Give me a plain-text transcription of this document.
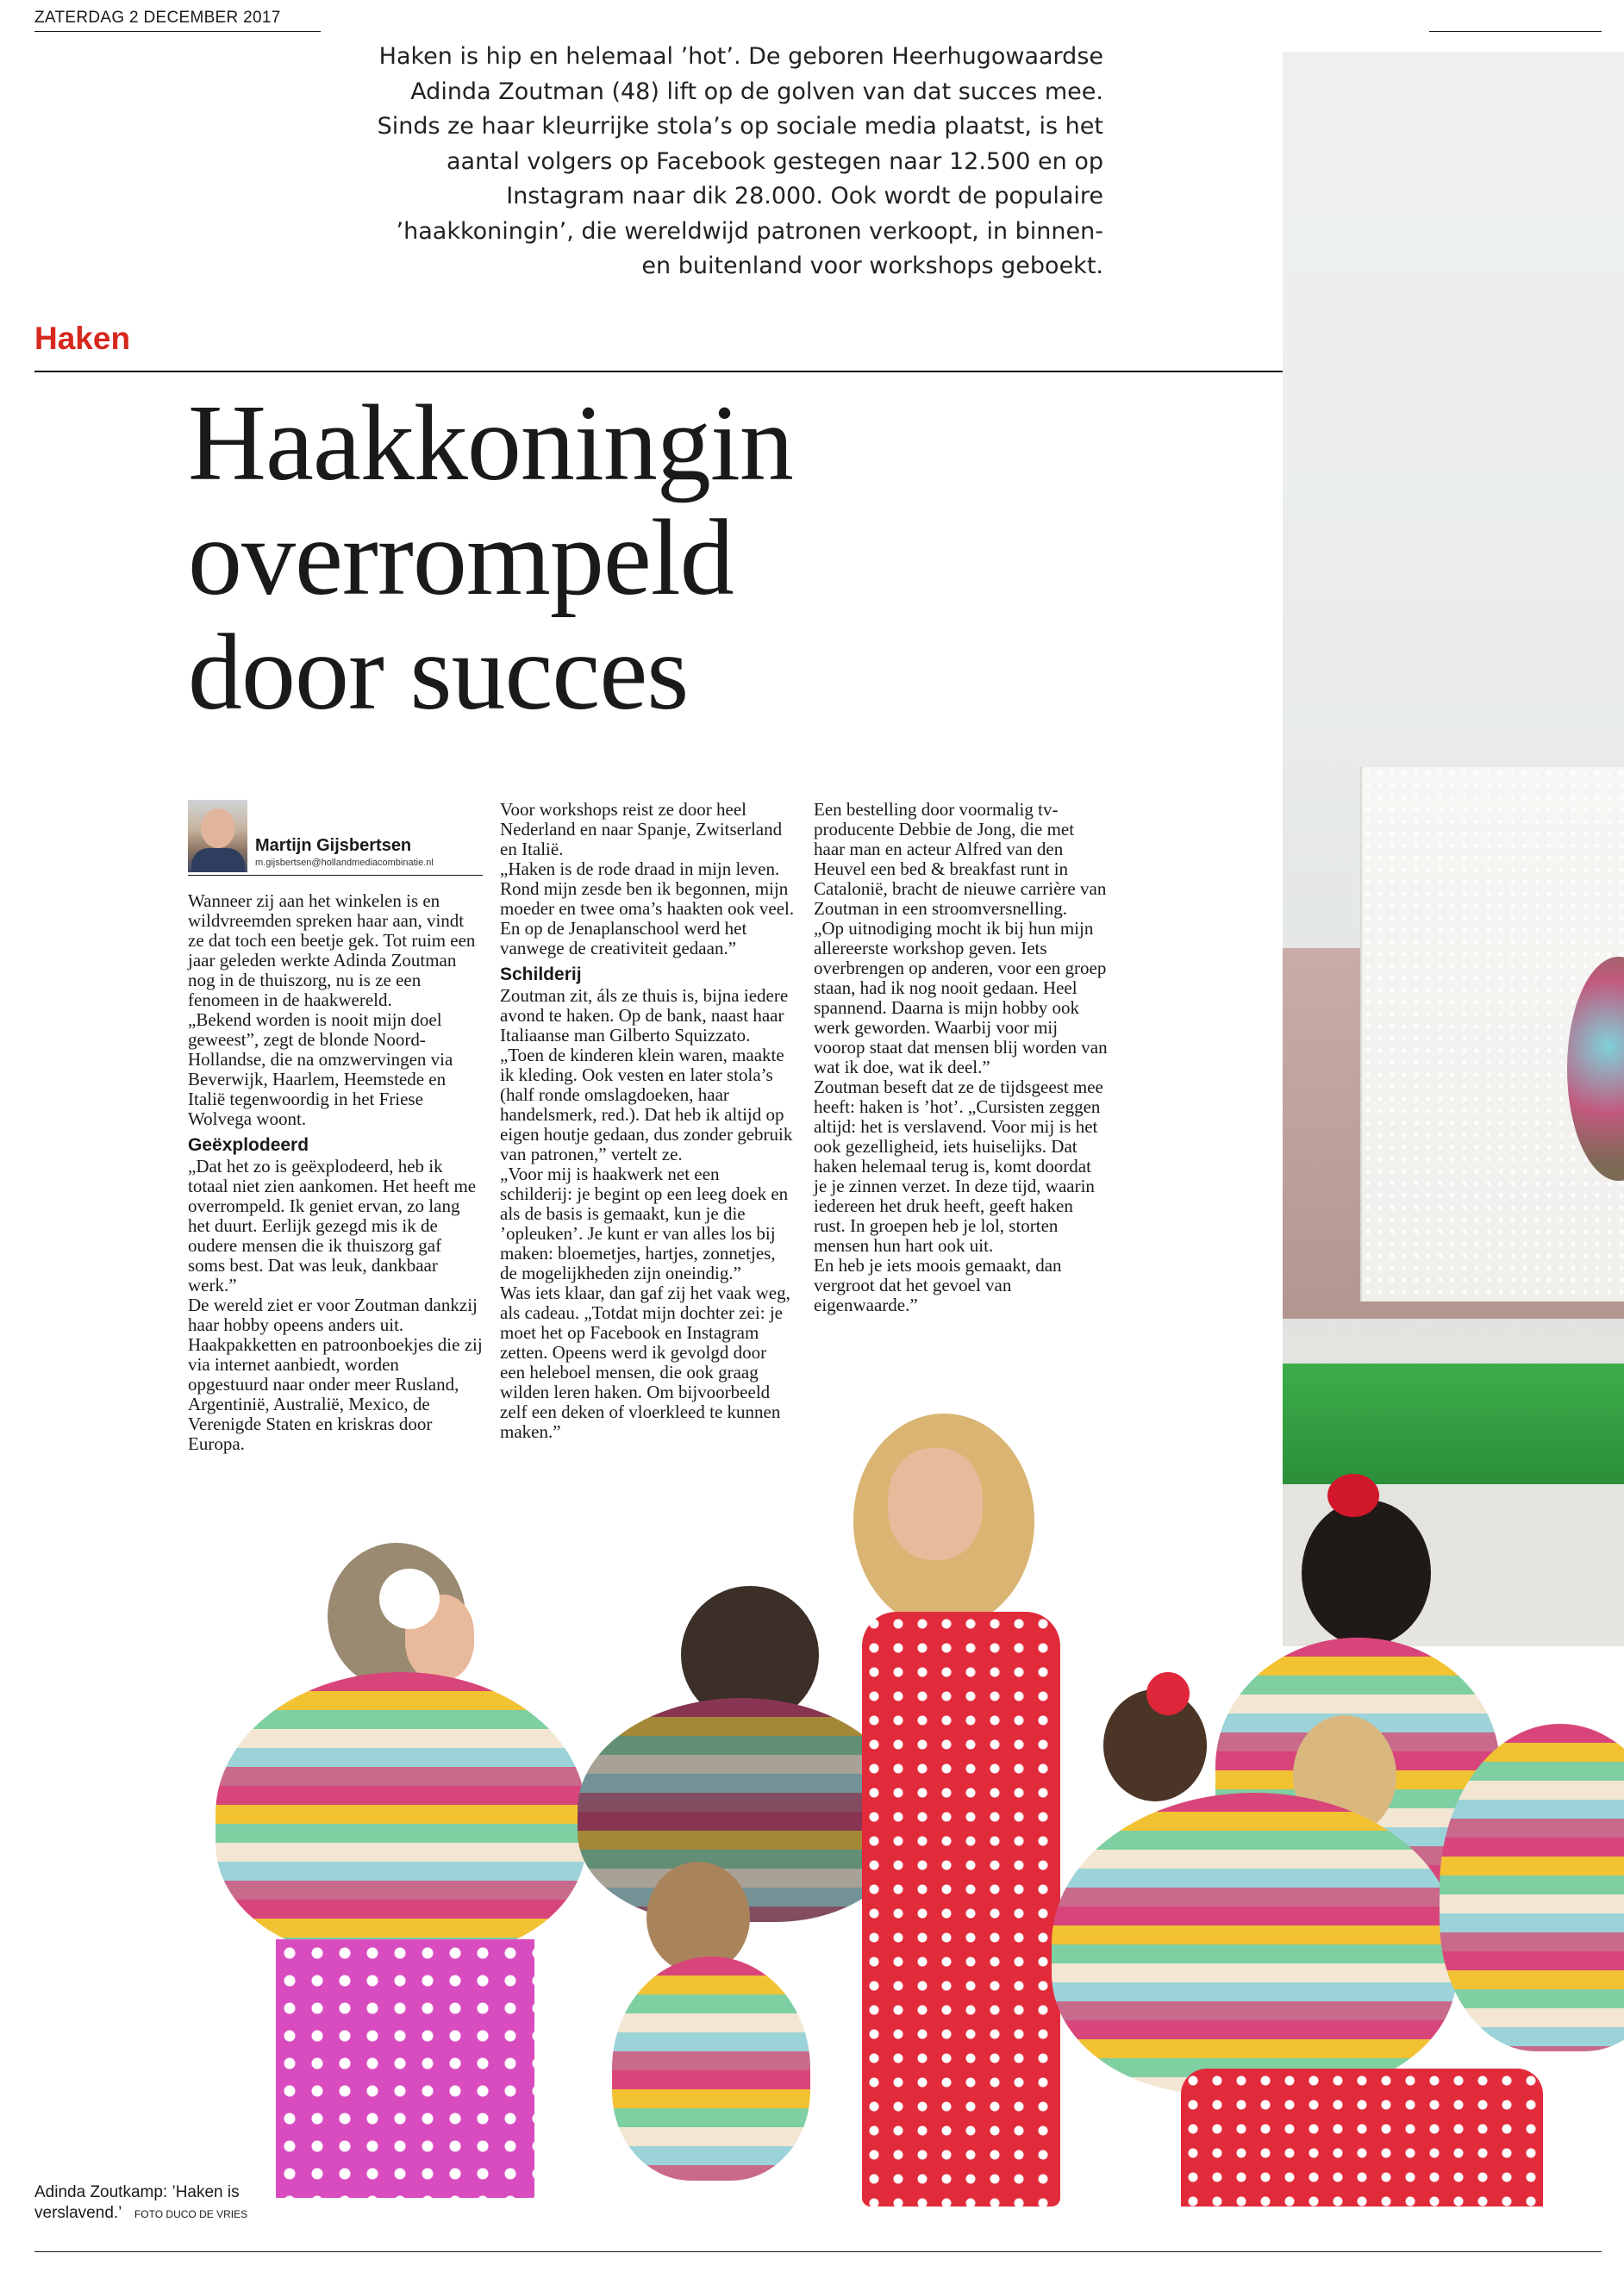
ZATERDAG 2 DECEMBER 2017
Haken is hip en helemaal ’hot’. De geboren Heerhugowaardse Adinda Zoutman (48) lift op de golven van dat succes mee. Sinds ze haar kleurrijke stola’s op sociale media plaatst, is het aantal volgers op Facebook gestegen naar 12.500 en op Instagram naar dik 28.000. Ook wordt de populaire ’haakkoningin’, die wereldwijd patronen verkoopt, in binnen- en buitenland voor workshops geboekt.
Haken
Haakkoningin
overrompeld
door succes
Martijn Gijsbertsen
m.gijsbertsen@hollandmediacombinatie.nl

Wanneer zij aan het winkelen is en wildvreemden spreken haar aan, vindt ze dat toch een beetje gek. Tot ruim een jaar geleden werkte Adinda Zoutman nog in de thuiszorg, nu is ze een fenomeen in de haakwereld.

„Bekend worden is nooit mijn doel geweest”, zegt de blonde Noord-Hollandse, die na omzwervingen via Beverwijk, Haarlem, Heemstede en Italië tegenwoordig in het Friese Wolvega woont.

Geëxplodeerd

„Dat het zo is geëxplodeerd, heb ik totaal niet zien aankomen. Het heeft me overrompeld. Ik geniet ervan, zo lang het duurt. Eerlijk gezegd mis ik de oudere mensen die ik thuiszorg gaf soms best. Dat was leuk, dankbaar werk.”

De wereld ziet er voor Zoutman dankzij haar hobby opeens anders uit. Haakpakketten en patroonboekjes die zij via internet aanbiedt, worden opgestuurd naar onder meer Rusland, Argentinië, Australië, Mexico, de Verenigde Staten en kriskras door Europa.

Voor workshops reist ze door heel Nederland en naar Spanje, Zwitserland en Italië.

„Haken is de rode draad in mijn leven. Rond mijn zesde ben ik begonnen, mijn moeder en twee oma’s haakten ook veel. En op de Jenaplanschool werd het vanwege de creativiteit gedaan.”

Schilderij

Zoutman zit, áls ze thuis is, bijna iedere avond te haken. Op de bank, naast haar Italiaanse man Gilberto Squizzato. „Toen de kinderen klein waren, maakte ik kleding. Ook vesten en later stola’s (half ronde omslagdoeken, haar handelsmerk, red.). Dat heb ik altijd op eigen houtje gedaan, dus zonder gebruik van patronen,” vertelt ze.

„Voor mij is haakwerk net een schilderij: je begint op een leeg doek en als de basis is gemaakt, kun je die ’opleuken’. Je kunt er van alles los bij maken: bloemetjes, hartjes, zonnetjes, de mogelijkheden zijn oneindig.”

Was iets klaar, dan gaf zij het vaak weg, als cadeau. „Totdat mijn dochter zei: je moet het op Facebook en Instagram zetten. Opeens werd ik gevolgd door een heleboel mensen, die ook graag wilden leren haken. Om bijvoorbeeld zelf een deken of vloerkleed te kunnen maken.”

Een bestelling door voormalig tv-producente Debbie de Jong, die met haar man en acteur Alfred van den Heuvel een bed & breakfast runt in Catalonië, bracht de nieuwe carrière van Zoutman in een stroomversnelling.

„Op uitnodiging mocht ik bij hun mijn allereerste workshop geven. Iets overbrengen op anderen, voor een groep staan, had ik nog nooit gedaan. Heel spannend. Daarna is mijn hobby ook werk geworden. Waarbij voor mij voorop staat dat mensen blij worden van wat ik doe, wat ik deel.”

Zoutman beseft dat ze de tijdsgeest mee heeft: haken is ’hot’. „Cursisten zeggen altijd: het is verslavend. Voor mij is het ook gezelligheid, iets huiselijks. Dat haken helemaal terug is, komt doordat je je zinnen verzet. In deze tijd, waarin iedereen het druk heeft, geeft haken rust. In groepen heb je lol, storten mensen hun hart ook uit.

En heb je iets moois gemaakt, dan vergroot dat het gevoel van eigenwaarde.”

Adinda Zoutkamp: ’Haken is verslavend.’ FOTO DUCO DE VRIES
